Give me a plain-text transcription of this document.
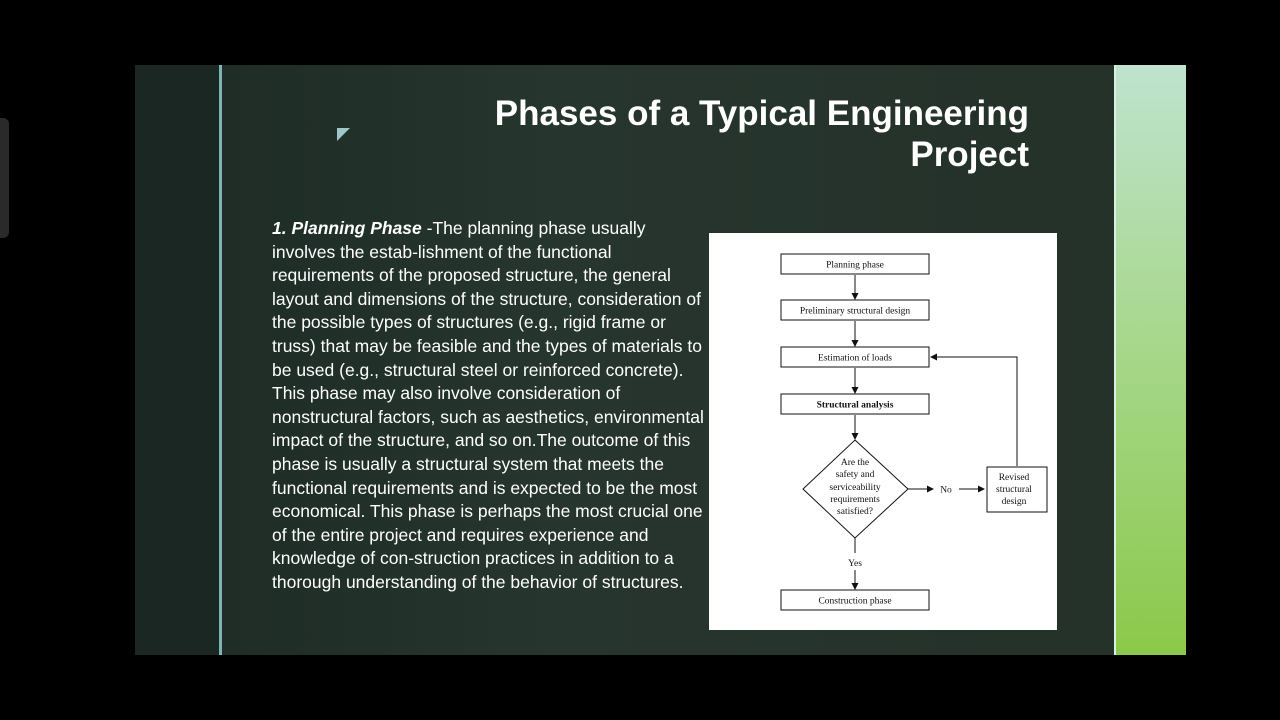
Phases of a Typical Engineering
Project
1. Planning Phase -The planning phase usually involves the estab-lishment of the functional requirements of the proposed structure, the general layout and dimensions of the structure, consideration of the possible types of structures (e.g., rigid frame or truss) that may be feasible and the types of materials to be used (e.g., structural steel or reinforced concrete). This phase may also involve consideration of nonstructural factors, such as aesthetics, environmental impact of the structure, and so on.The outcome of this phase is usually a structural system that meets the functional requirements and is expected to be the most economical. This phase is perhaps the most crucial one of the entire project and requires experience and knowledge of con-struction practices in addition to a thorough understanding of the behavior of structures.
Planning phase
Preliminary structural design
Estimation of loads
Structural analysis
Are the
safety and
serviceability
requirements
satisfied?
No
Yes
Revised
structural
design
Construction phase
